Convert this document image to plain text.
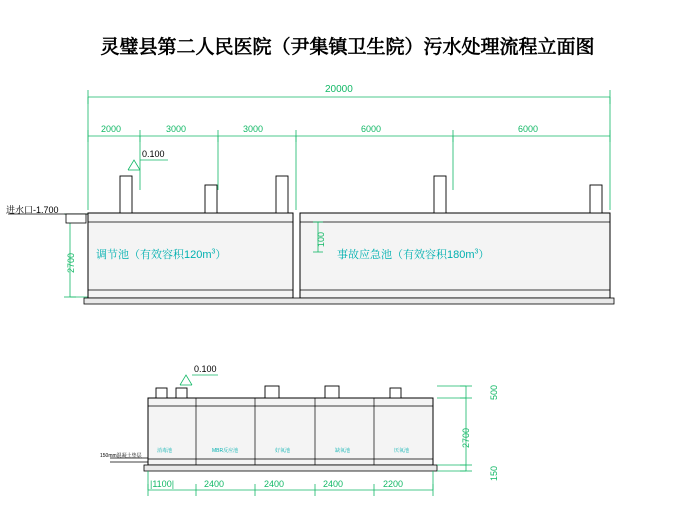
灵璧县第二人民医院（尹集镇卫生院）污水处理流程立面图
20000
2000	3000	3000	6000	6000
0.100
进水口-1.700
2700
100
调节池（有效容积$120m^3$）	事故应急池（有效容积$180m^3$）
0.100
150mm混凝土垫层
消毒池	MBR反应池	好氧池	缺氧池	厌氧池
|1100|	2400	2400	2400	2200
500
2700
150
